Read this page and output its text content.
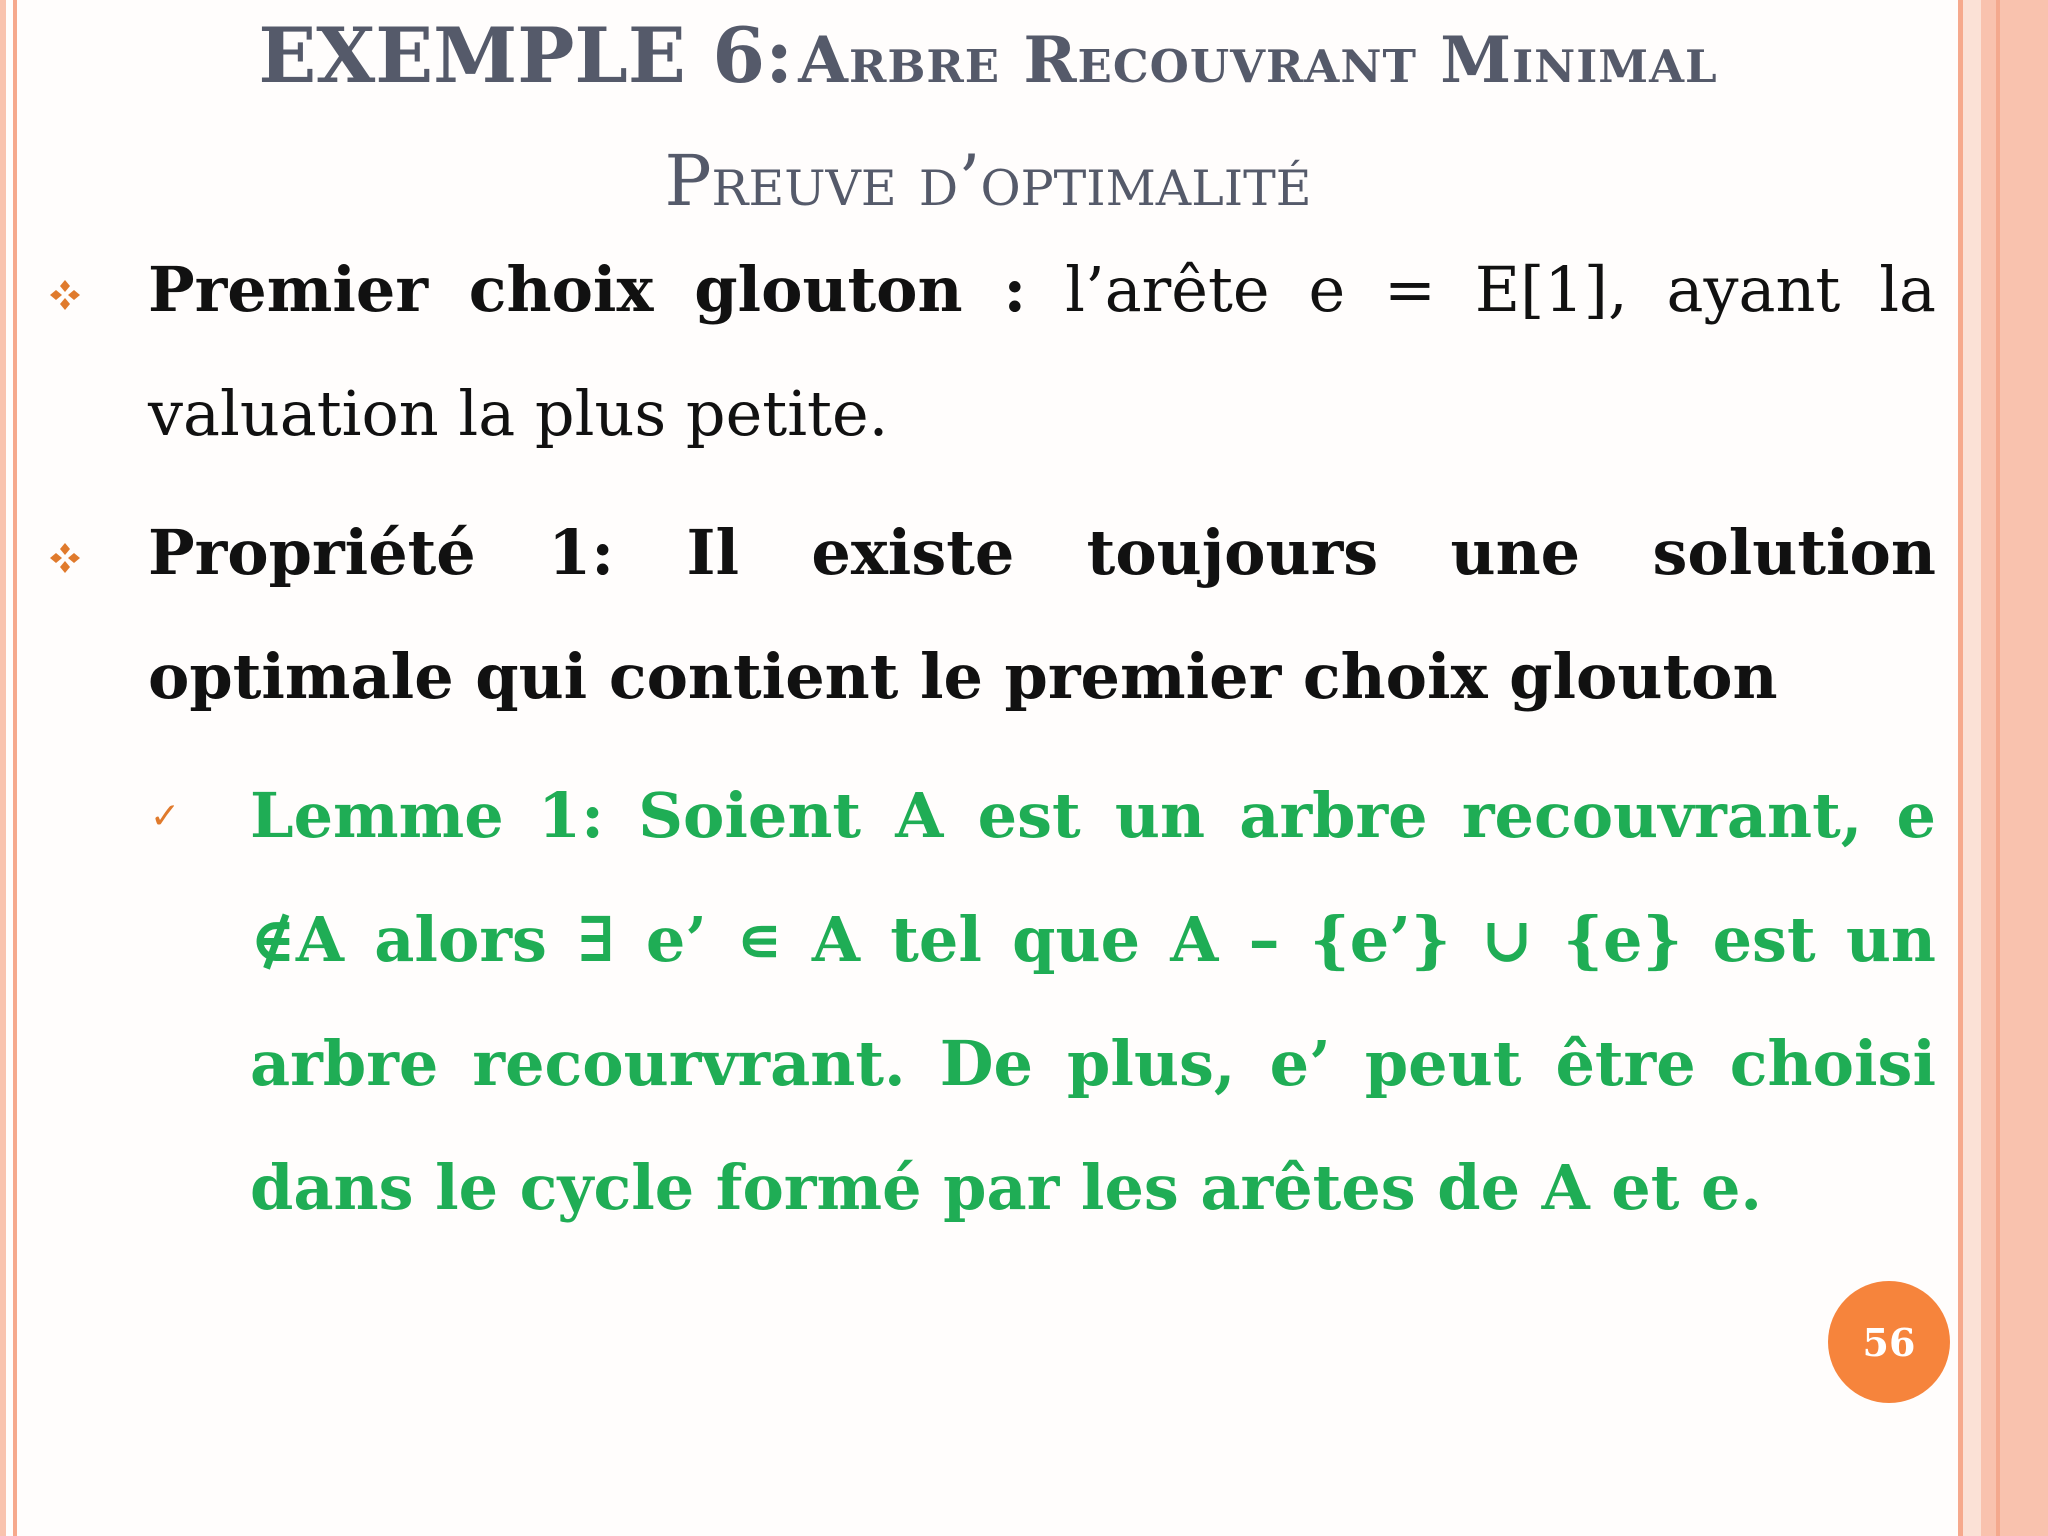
EXEMPLE 6: Arbre Recouvrant Minimal
Preuve d’optimalité
Premier choix glouton : l’arête e = E[1], ayant la valuation la plus petite.
Propriété 1: Il existe toujours une solution optimale qui contient le premier choix glouton
✓ Lemme 1: Soient A est un arbre recouvrant, e ∉A alors ∃ e’ ∊ A tel que A – {e’} ∪ {e} est un arbre recourvrant. De plus, e’ peut être choisi dans le cycle formé par les arêtes de A et e.
56
